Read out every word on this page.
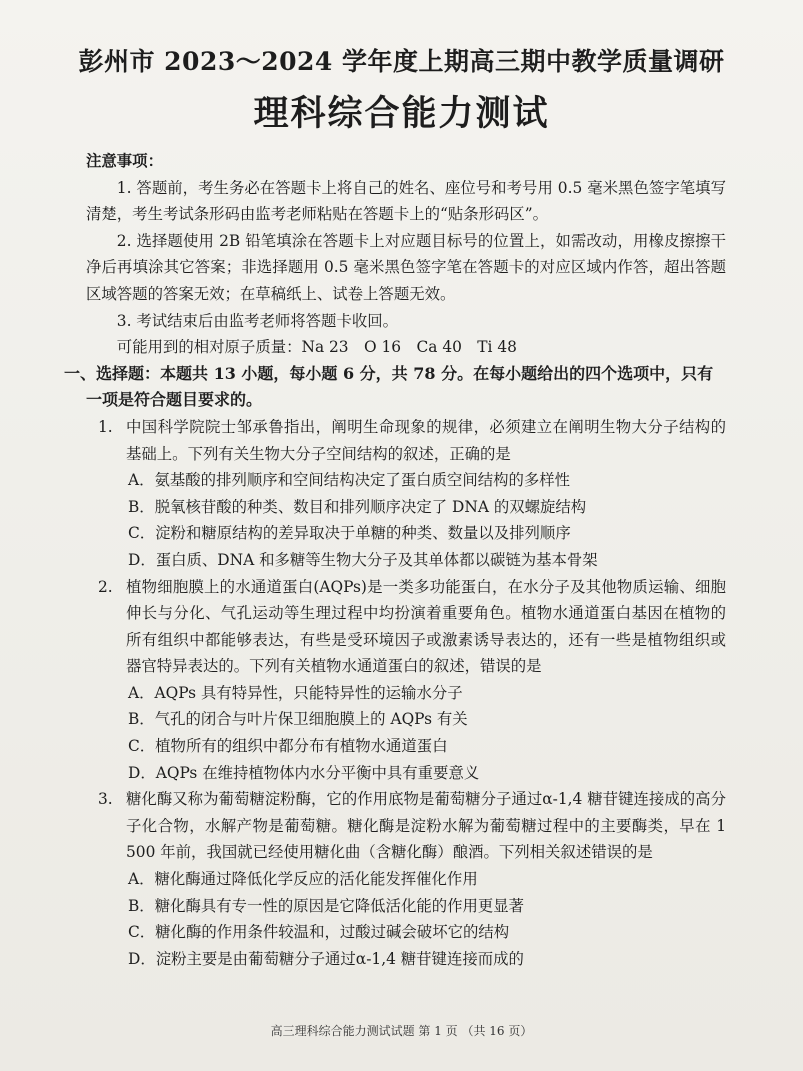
彭州市 2023～2024 学年度上期高三期中教学质量调研
理科综合能力测试
注意事项：

1. 答题前，考生务必在答题卡上将自己的姓名、座位号和考号用 0.5 毫米黑色签字笔填写清楚，考生考试条形码由监考老师粘贴在答题卡上的“贴条形码区”。

2. 选择题使用 2B 铅笔填涂在答题卡上对应题目标号的位置上，如需改动，用橡皮擦擦干净后再填涂其它答案；非选择题用 0.5 毫米黑色签字笔在答题卡的对应区域内作答，超出答题区域答题的答案无效；在草稿纸上、试卷上答题无效。

3. 考试结束后由监考老师将答题卡收回。

可能用到的相对原子质量：Na 23　O 16　Ca 40　Ti 48

一、选择题：本题共 13 小题，每小题 6 分，共 78 分。在每小题给出的四个选项中，只有一项是符合题目要求的。

1. 中国科学院院士邹承鲁指出，阐明生命现象的规律，必须建立在阐明生物大分子结构的基础上。下列有关生物大分子空间结构的叙述，正确的是

A．氨基酸的排列顺序和空间结构决定了蛋白质空间结构的多样性

B．脱氧核苷酸的种类、数目和排列顺序决定了 DNA 的双螺旋结构

C．淀粉和糖原结构的差异取决于单糖的种类、数量以及排列顺序

D．蛋白质、DNA 和多糖等生物大分子及其单体都以碳链为基本骨架

2. 植物细胞膜上的水通道蛋白(AQPs)是一类多功能蛋白，在水分子及其他物质运输、细胞伸长与分化、气孔运动等生理过程中均扮演着重要角色。植物水通道蛋白基因在植物的所有组织中都能够表达，有些是受环境因子或激素诱导表达的，还有一些是植物组织或器官特异表达的。下列有关植物水通道蛋白的叙述，错误的是

A．AQPs 具有特异性，只能特异性的运输水分子

B．气孔的闭合与叶片保卫细胞膜上的 AQPs 有关

C．植物所有的组织中都分布有植物水通道蛋白

D．AQPs 在维持植物体内水分平衡中具有重要意义

3. 糖化酶又称为葡萄糖淀粉酶，它的作用底物是葡萄糖分子通过α-1,4 糖苷键连接成的高分子化合物，水解产物是葡萄糖。糖化酶是淀粉水解为葡萄糖过程中的主要酶类，早在 1 500 年前，我国就已经使用糖化曲（含糖化酶）酿酒。下列相关叙述错误的是

A．糖化酶通过降低化学反应的活化能发挥催化作用

B．糖化酶具有专一性的原因是它降低活化能的作用更显著

C．糖化酶的作用条件较温和，过酸过碱会破坏它的结构

D．淀粉主要是由葡萄糖分子通过α-1,4 糖苷键连接而成的

高三理科综合能力测试试题 第 1 页 （共 16 页）
